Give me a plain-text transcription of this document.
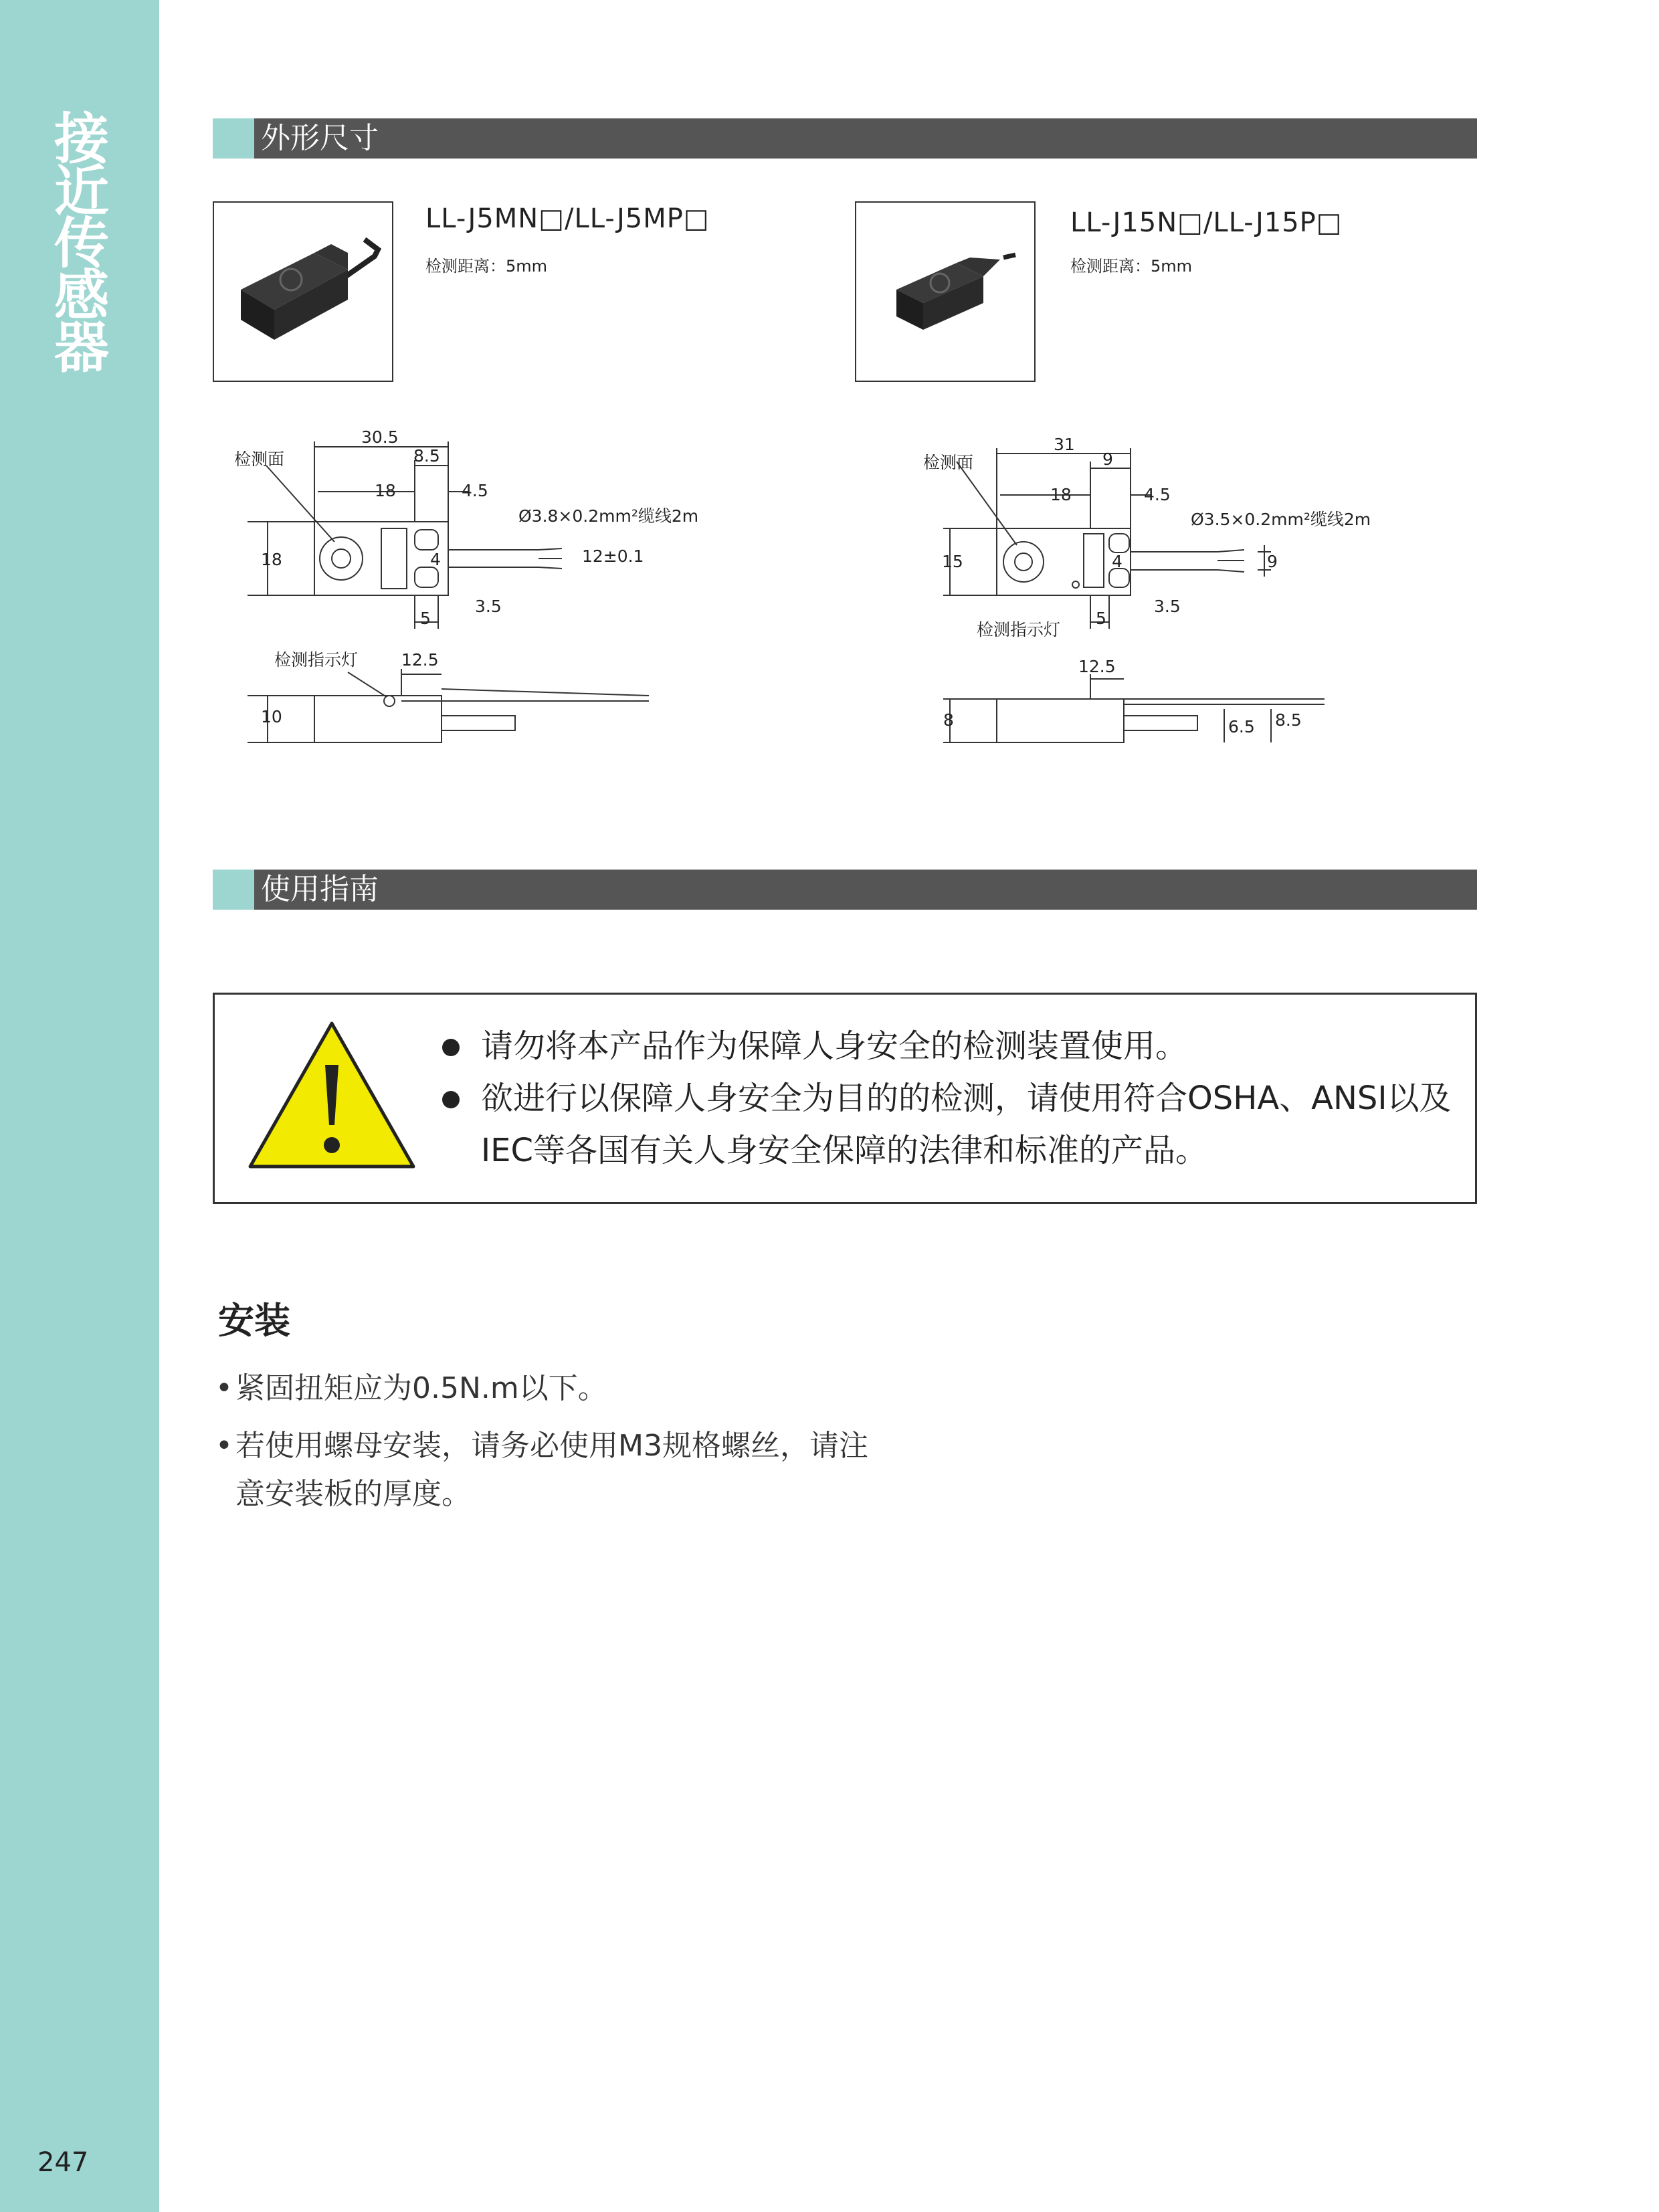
接近传感器
247
外形尺寸
LL-J5MN□/LL-J5MP□
检测距离：5mm
LL-J15N□/LL-J15P□
检测距离：5mm
30.5
8.5
18	4.5
检测面
Ø3.8×0.2mm²缆线2m
18	4	12±0.1
3.5
5
检测指示灯	12.5
10
31
9
18	4.5
检测面
Ø3.5×0.2mm²缆线2m
15	4	9
3.5
5
检测指示灯
12.5
8	6.5 8.5
使用指南
请勿将本产品作为保障人身安全的检测装置使用。
欲进行以保障人身安全为目的的检测，请使用符合OSHA、ANSI以及IEC等各国有关人身安全保障的法律和标准的产品。
安装
• 紧固扭矩应为0.5N.m以下。
• 若使用螺母安装，请务必使用M3规格螺丝，请注意安装板的厚度。
